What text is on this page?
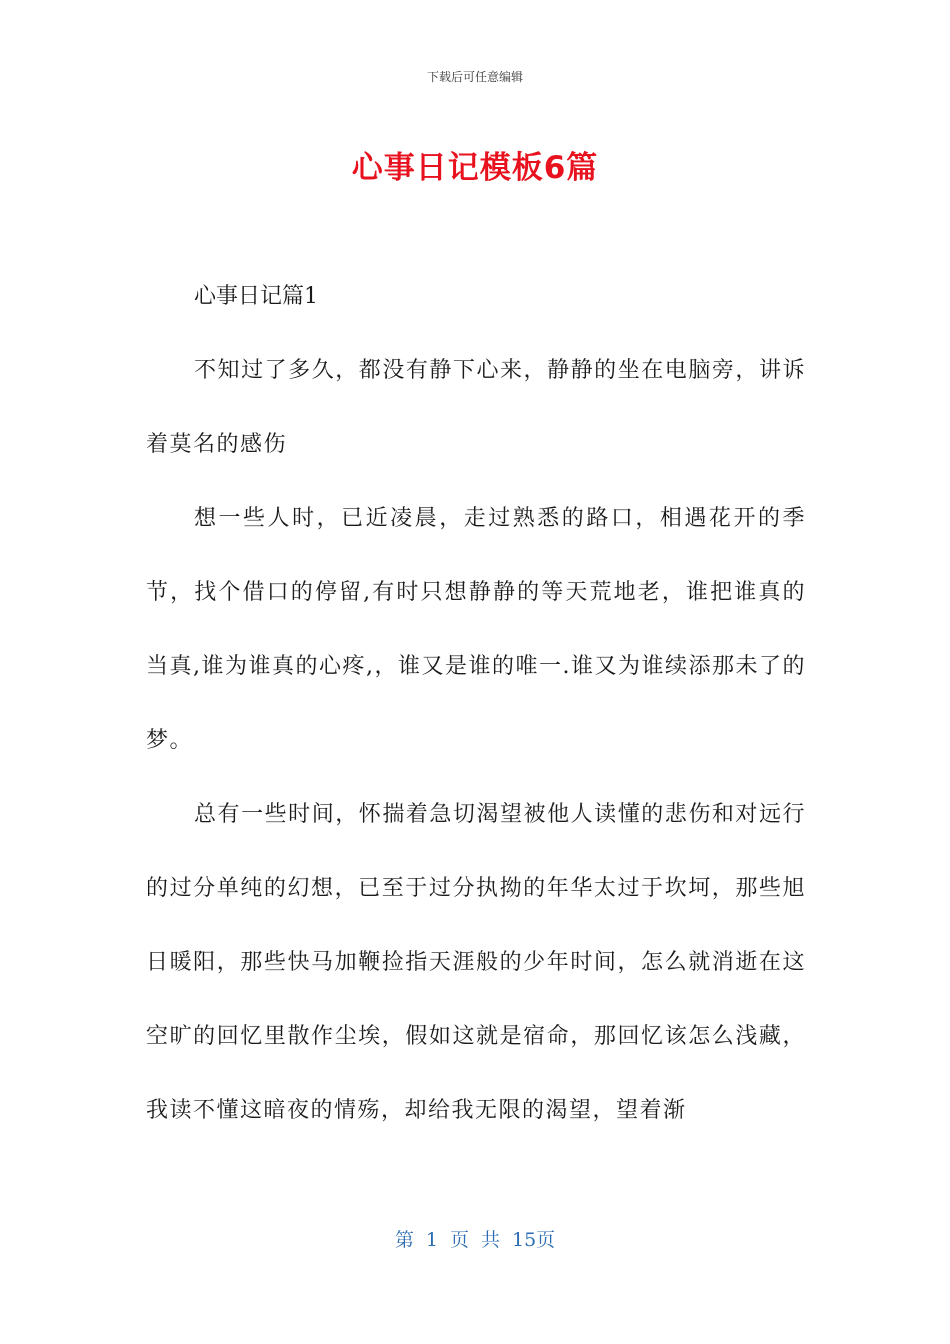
下载后可任意编辑
心事日记模板6篇
心事日记篇1

不知过了多久，都没有静下心来，静静的坐在电脑旁，讲诉着莫名的感伤

想一些人时，已近凌晨，走过熟悉的路口，相遇花开的季节，找个借口的停留,有时只想静静的等天荒地老，谁把谁真的当真,谁为谁真的心疼,，谁又是谁的唯一.谁又为谁续添那未了的梦。

总有一些时间，怀揣着急切渴望被他人读懂的悲伤和对远行的过分单纯的幻想，已至于过分执拗的年华太过于坎坷，那些旭日暖阳，那些快马加鞭捡指天涯般的少年时间，怎么就消逝在这空旷的回忆里散作尘埃，假如这就是宿命，那回忆该怎么浅藏，我读不懂这暗夜的情殇，却给我无限的渴望，望着渐

第 1 页 共 15页
